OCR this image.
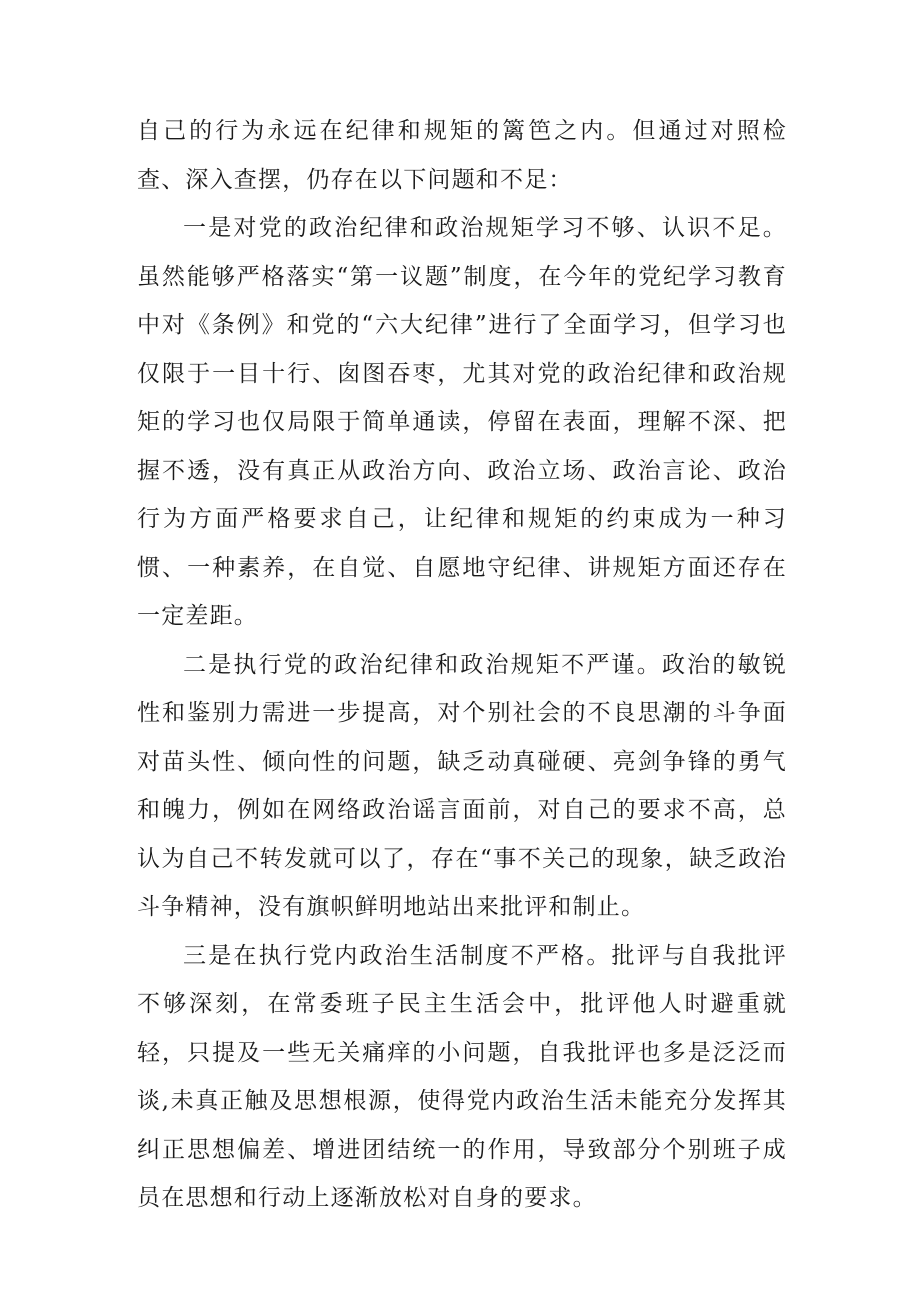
自己的行为永远在纪律和规矩的篱笆之内。但通过对照检查、深入查摆，仍存在以下问题和不足：

一是对党的政治纪律和政治规矩学习不够、认识不足。虽然能够严格落实“第一议题”制度，在今年的党纪学习教育中对《条例》和党的“六大纪律”进行了全面学习，但学习也仅限于一目十行、囱图吞枣，尤其对党的政治纪律和政治规矩的学习也仅局限于简单通读，停留在表面，理解不深、把握不透，没有真正从政治方向、政治立场、政治言论、政治行为方面严格要求自己，让纪律和规矩的约束成为一种习惯、一种素养，在自觉、自愿地守纪律、讲规矩方面还存在一定差距。

二是执行党的政治纪律和政治规矩不严谨。政治的敏锐性和鉴别力需进一步提高，对个别社会的不良思潮的斗争面对苗头性、倾向性的问题，缺乏动真碰硬、亮剑争锋的勇气和魄力，例如在网络政治谣言面前，对自己的要求不高，总认为自己不转发就可以了，存在“事不关己的现象，缺乏政治斗争精神，没有旗帜鲜明地站出来批评和制止。

三是在执行党内政治生活制度不严格。批评与自我批评不够深刻，在常委班子民主生活会中，批评他人时避重就轻，只提及一些无关痛痒的小问题，自我批评也多是泛泛而谈,未真正触及思想根源，使得党内政治生活未能充分发挥其纠正思想偏差、增进团结统一的作用，导致部分个别班子成员在思想和行动上逐渐放松对自身的要求。
